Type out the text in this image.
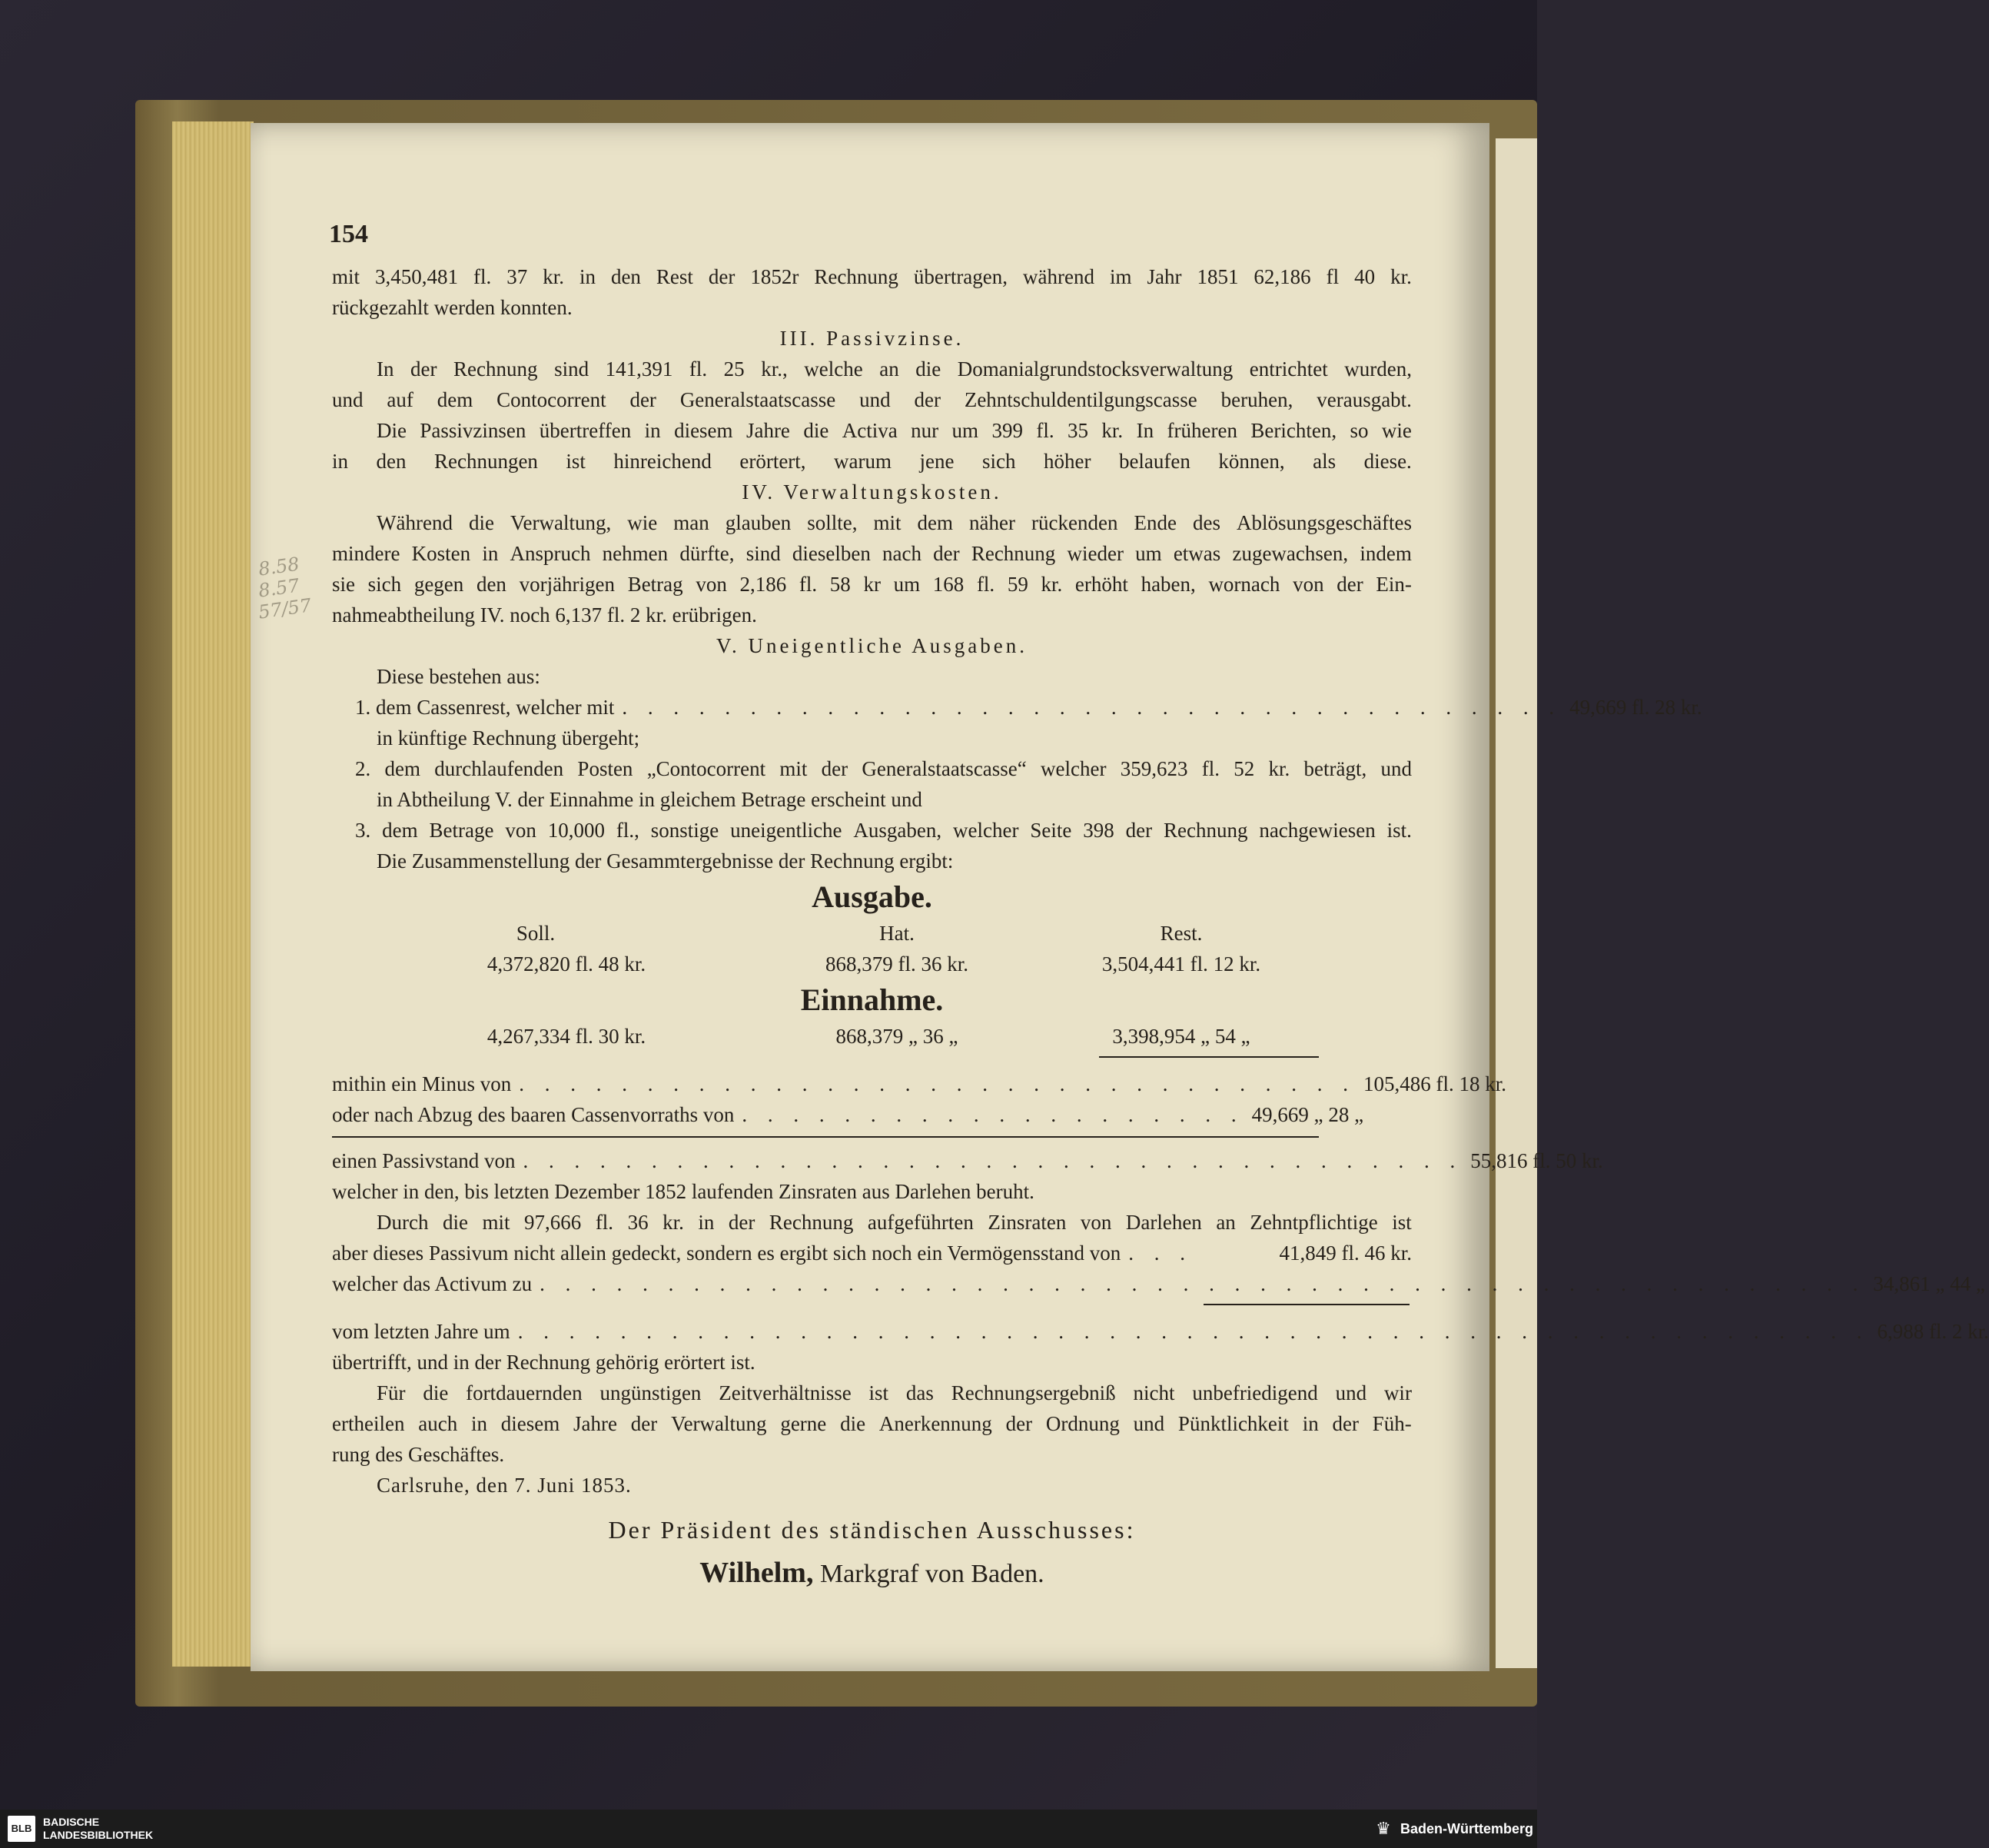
8.58
8.57
57/57
154
mit 3,450,481 fl. 37 kr. in den Rest der 1852r Rechnung übertragen, während im Jahr 1851 62,186 fl 40 kr.
rückgezahlt werden konnten.
III. Passivzinse.
In der Rechnung sind 141,391 fl. 25 kr., welche an die Domanialgrundstocksverwaltung entrichtet wurden,
und auf dem Contocorrent der Generalstaatscasse und der Zehntschuldentilgungscasse beruhen, verausgabt.
Die Passivzinsen übertreffen in diesem Jahre die Activa nur um 399 fl. 35 kr. In früheren Berichten, so wie
in den Rechnungen ist hinreichend erörtert, warum jene sich höher belaufen können, als diese.
IV. Verwaltungskosten.
Während die Verwaltung, wie man glauben sollte, mit dem näher rückenden Ende des Ablösungsgeschäftes
mindere Kosten in Anspruch nehmen dürfte, sind dieselben nach der Rechnung wieder um etwas zugewachsen, indem
sie sich gegen den vorjährigen Betrag von 2,186 fl. 58 kr um 168 fl. 59 kr. erhöht haben, wornach von der Ein-
nahmeabtheilung IV. noch 6,137 fl. 2 kr. erübrigen.
V. Uneigentliche Ausgaben.
Diese bestehen aus:
1. dem Cassenrest, welcher mit . . . . . . . . . . . . . . . . . . . . . . . . . . . . . . . . . . . . . 49,669 fl. 28 kr.
in künftige Rechnung übergeht;
2. dem durchlaufenden Posten „Contocorrent mit der Generalstaatscasse“ welcher 359,623 fl. 52 kr. beträgt, und
in Abtheilung V. der Einnahme in gleichem Betrage erscheint und
3. dem Betrage von 10,000 fl., sonstige uneigentliche Ausgaben, welcher Seite 398 der Rechnung nachgewiesen ist.
Die Zusammenstellung der Gesammtergebnisse der Rechnung ergibt:
Ausgabe.
Soll.	Hat.	Rest.
4,372,820 fl. 48 kr.	868,379 fl. 36 kr.	3,504,441 fl. 12 kr.
Einnahme.
4,267,334 fl. 30 kr.	868,379 „ 36 „	3,398,954 „ 54 „
mithin ein Minus von . . . . . . . . . . . . . . . . . . . . . . . . . . . . . . . . . 105,486 fl. 18 kr.
oder nach Abzug des baaren Cassenvorraths von . . . . . . . . . . . . . . . . . . . . 49,669 „ 28 „
einen Passivstand von . . . . . . . . . . . . . . . . . . . . . . . . . . . . . . . . . . . . . 55,816 fl. 50 kr.
welcher in den, bis letzten Dezember 1852 laufenden Zinsraten aus Darlehen beruht.
Durch die mit 97,666 fl. 36 kr. in der Rechnung aufgeführten Zinsraten von Darlehen an Zehntpflichtige ist
aber dieses Passivum nicht allein gedeckt, sondern es ergibt sich noch ein Vermögensstand von . . .	41,849 fl. 46 kr.
welcher das Activum zu . . . . . . . . . . . . . . . . . . . . . . . . . . . . . . . . . . . . . . . . . . . . . . . . . . . . 34,861 „ 44 „
vom letzten Jahre um . . . . . . . . . . . . . . . . . . . . . . . . . . . . . . . . . . . . . . . . . . . . . . . . . . . . . 6,988 fl. 2 kr.
übertrifft, und in der Rechnung gehörig erörtert ist.
Für die fortdauernden ungünstigen Zeitverhältnisse ist das Rechnungsergebniß nicht unbefriedigend und wir
ertheilen auch in diesem Jahre der Verwaltung gerne die Anerkennung der Ordnung und Pünktlichkeit in der Füh-
rung des Geschäftes.
Carlsruhe, den 7. Juni 1853.
Der Präsident des ständischen Ausschusses:
Wilhelm, Markgraf von Baden.
BLB
BADISCHE
LANDESBIBLIOTHEK	♛ Baden-Württemberg
